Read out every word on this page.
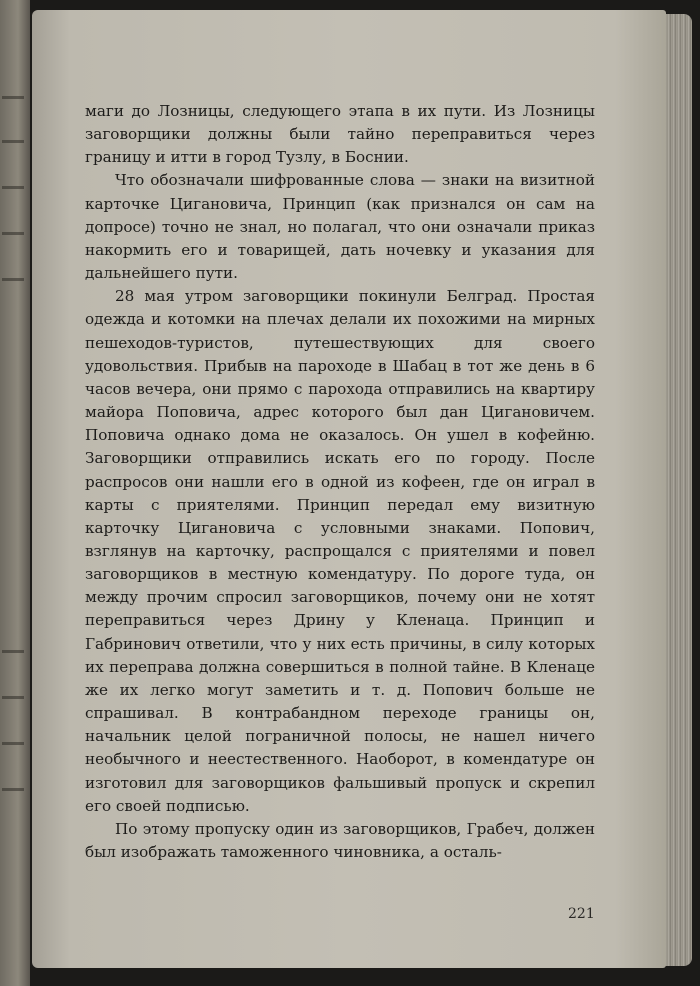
маги до Лозницы, следующего этапа в их пути. Из Лозницы заговорщики должны были тайно переправиться через границу и итти в город Тузлу, в Боснии.

Что обозначали шифрованные слова — знаки на визитной карточке Цигановича, Принцип (как признался он сам на допросе) точно не знал, но полагал, что они означали приказ накормить его и товарищей, дать ночевку и указания для дальнейшего пути.

28 мая утром заговорщики покинули Белград. Простая одежда и котомки на плечах делали их похожими на мирных пешеходов-туристов, путешествующих для своего удовольствия. Прибыв на пароходе в Шабац в тот же день в 6 часов вечера, они прямо с парохода отправились на квартиру майора Поповича, адрес которого был дан Цигановичем. Поповича однако дома не оказалось. Он ушел в кофейню. Заговорщики отправились искать его по городу. После распросов они нашли его в одной из кофеен, где он играл в карты с приятелями. Принцип передал ему визитную карточку Цигановича с условными знаками. Попович, взглянув на карточку, распрощался с приятелями и повел заговорщиков в местную комендатуру. По дороге туда, он между прочим спросил заговорщиков, почему они не хотят переправиться через Дрину у Кленаца. Принцип и Габринович ответили, что у них есть причины, в силу которых их переправа должна совершиться в полной тайне. В Кленаце же их легко могут заметить и т. д. Попович больше не спрашивал. В контрабандном переходе границы он, начальник целой пограничной полосы, не нашел ничего необычного и неестественного. Наоборот, в комендатуре он изготовил для заговорщиков фальшивый пропуск и скрепил его своей подписью.

По этому пропуску один из заговорщиков, Грабеч, должен был изображать таможенного чиновника, а осталь-

221
